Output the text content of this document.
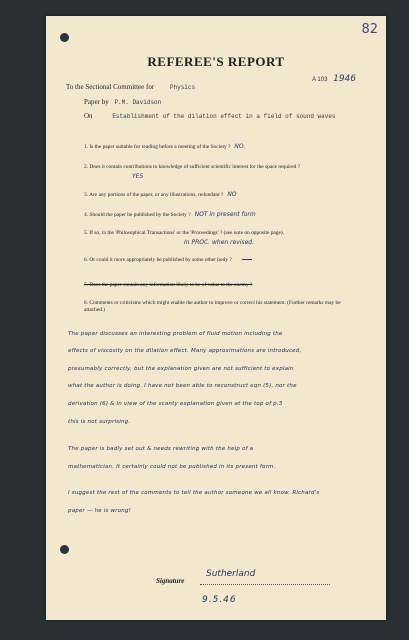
82
REFEREE'S REPORT
A 103 1946
To the Sectional Committee for	Physics
Paper by P.M. Davidson
On	Establishment of the dilation effect in a field of sound waves
1. Is the paper suitable for reading before a meeting of the Society ? NO.
2. Does it contain contributions to knowledge of sufficient scientific interest for the space required ?
YES
3. Are any portions of the paper, or any illustrations, redundant ? NO
4. Should the paper be published by the Society ? NOT in present form
5. If so, in the 'Philosophical Transactions' or the 'Proceedings' ? (see note on opposite page).
In PROC. when revised.
6. Or could it more appropriately be published by some other body ?
7. Does the paper contain any information likely to be of value to the enemy ?
8. Comments or criticisms which might enable the author to improve or correct his statement. (Further remarks may be attached.)
The paper discusses an interesting problem of fluid motion including the
effects of viscosity on the dilation effect. Many approximations are introduced,
presumably correctly, but the explanation given are not sufficient to explain
what the author is doing. I have not been able to reconstruct eqn (5), nor the
derivation (6) & in view of the scanty explanation given at the top of p.3
this is not surprising.
The paper is badly set out & needs rewriting with the help of a
mathematician. It certainly could not be published in its present form.
I suggest the rest of the comments to tell the author someone we all know. Richard's
paper — he is wrong!
Signature
Sutherland
9.5.46
